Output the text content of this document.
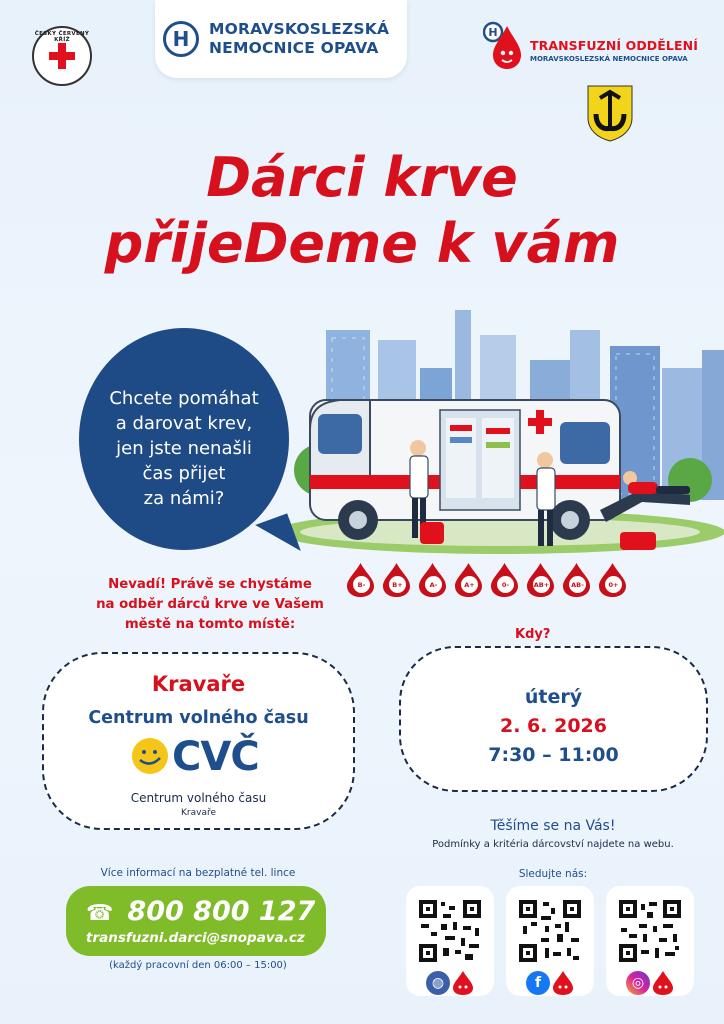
ČESKÝ ČERVENÝ KŘÍŽ	H	MORAVSKOSLEZSKÁ
NEMOCNICE OPAVA
H
TRANSFUZNÍ ODDĚLENÍ
MORAVSKOSLEZSKÁ NEMOCNICE OPAVA
Dárci krve
přijeDeme k vám
Chcete pomáhat
a darovat krev,
jen jste nenašli
čas přijet
za námi?
B-	B+	A-	A+	0-	AB+	AB-	0+
Nevadí! Právě se chystáme
na odběr dárců krve ve Vašem
městě na tomto místě:
Kravaře
Centrum volného času
CVČ
Centrum volného času
Kravaře
Kdy?
úterý
2. 6. 2026
7:30 – 11:00
Těšíme se na Vás!
Podmínky a kritéria dárcovství najdete na webu.
Více informací na bezplatné tel. lince
☎ 800 800 127
transfuzni.darci@snopava.cz
(každý pracovní den 06:00 – 15:00)
Sledujte nás:
◍	f	◎
